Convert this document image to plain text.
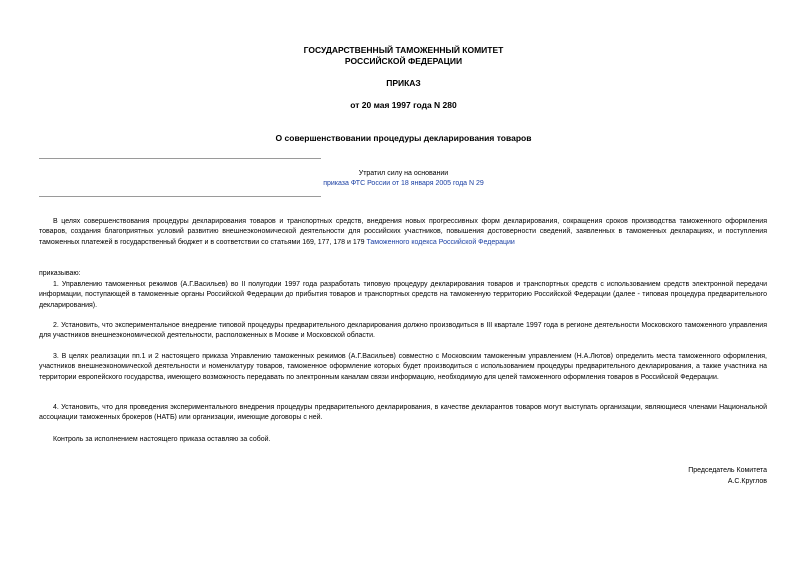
ГОСУДАРСТВЕННЫЙ ТАМОЖЕННЫЙ КОМИТЕТ
РОССИЙСКОЙ ФЕДЕРАЦИИ
ПРИКАЗ
от 20 мая 1997 года N 280
О совершенствовании процедуры декларирования товаров
Утратил силу на основании
приказа ФТС России от 18 января 2005 года N 29
В целях совершенствования процедуры декларирования товаров и транспортных средств, внедрения новых прогрессивных форм декларирования, сокращения сроков производства таможенного оформления товаров, создания благоприятных условий развитию внешнеэкономической деятельности для российских участников, повышения достоверности сведений, заявленных в таможенных декларациях, и поступления таможенных платежей в государственный бюджет и в соответствии со статьями 169, 177, 178 и 179 Таможенного кодекса Российской Федерации
приказываю:
1. Управлению таможенных режимов (А.Г.Васильев) во II полугодии 1997 года разработать типовую процедуру декларирования товаров и транспортных средств с использованием средств электронной передачи информации, поступающей в таможенные органы Российской Федерации до прибытия товаров и транспортных средств на таможенную территорию Российской Федерации (далее - типовая процедура предварительного декларирования).
2. Установить, что экспериментальное внедрение типовой процедуры предварительного декларирования должно производиться в III квартале 1997 года в регионе деятельности Московского таможенного управления для участников внешнеэкономической деятельности, расположенных в Москве и Московской области.
3. В целях реализации пп.1 и 2 настоящего приказа Управлению таможенных режимов (А.Г.Васильев) совместно с Московским таможенным управлением (Н.А.Лютов) определить места таможенного оформления, участников внешнеэкономической деятельности и номенклатуру товаров, таможенное оформление которых будет производиться с использованием процедуры предварительного декларирования, а также участника на территории европейского государства, имеющего возможность передавать по электронным каналам связи информацию, необходимую для целей таможенного оформления товаров в Российской Федерации.
4. Установить, что для проведения экспериментального внедрения процедуры предварительного декларирования, в качестве декларантов товаров могут выступать организации, являющиеся членами Национальной ассоциации таможенных брокеров (НАТБ) или организации, имеющие договоры с ней.
Контроль за исполнением настоящего приказа оставляю за собой.
Председатель Комитета
А.С.Круглов
